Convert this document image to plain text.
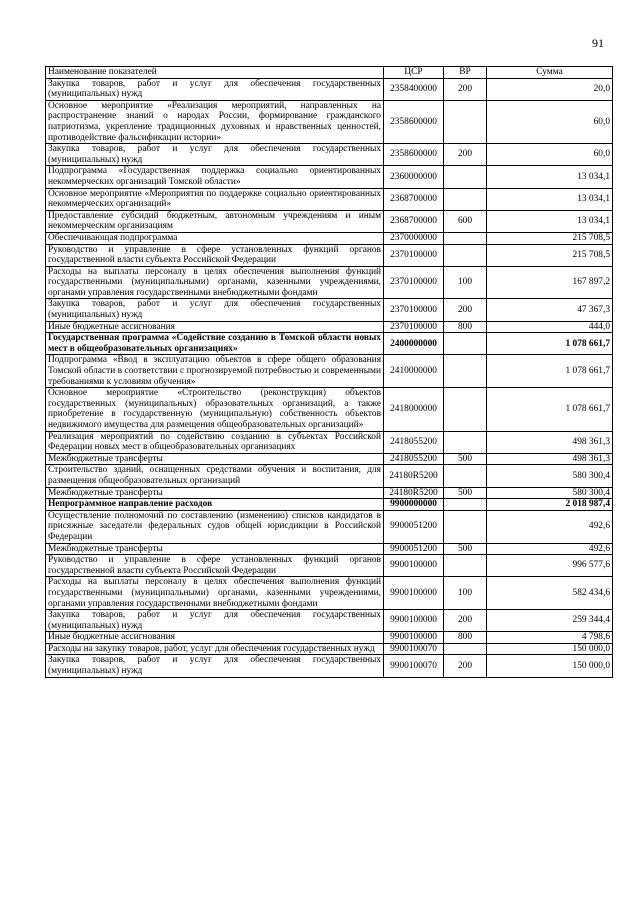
91
Наименование показателей	ЦСР	ВР	Сумма
Закупка товаров, работ и услуг для обеспечения государственных (муниципальных) нужд	2358400000	200	20,0
Основное мероприятие «Реализация мероприятий, направленных на распространение знаний о народах России, формирование гражданского патриотизма, укрепление традиционных духовных и нравственных ценностей, противодействие фальсификации истории»	2358600000		60,0
Закупка товаров, работ и услуг для обеспечения государственных (муниципальных) нужд	2358600000	200	60,0
Подпрограмма «Государственная поддержка социально ориентированных некоммерческих организаций Томской области»	2360000000		13 034,1
Основное мероприятие «Мероприятия по поддержке социально ориентированных некоммерческих организаций»	2368700000		13 034,1
Предоставление субсидий бюджетным, автономным учреждениям и иным некоммерческим организациям	2368700000	600	13 034,1
Обеспечивающая подпрограмма	2370000000		215 708,5
Руководство и управление в сфере установленных функций органов государственной власти субъекта Российской Федерации	2370100000		215 708,5
Расходы на выплаты персоналу в целях обеспечения выполнения функций государственными (муниципальными) органами, казенными учреждениями, органами управления государственными внебюджетными фондами	2370100000	100	167 897,2
Закупка товаров, работ и услуг для обеспечения государственных (муниципальных) нужд	2370100000	200	47 367,3
Иные бюджетные ассигнования	2370100000	800	444,0
Государственная программа «Содействие созданию в Томской области новых мест в общеобразовательных организациях»	2400000000		1 078 661,7
Подпрограмма «Ввод в эксплуатацию объектов в сфере общего образования Томской области в соответствии с прогнозируемой потребностью и современными требованиями к условиям обучения»	2410000000		1 078 661,7
Основное мероприятие «Строительство (реконструкция) объектов государственных (муниципальных) образовательных организаций, а также приобретение в государственную (муниципальную) собственность объектов недвижимого имущества для размещения общеобразовательных организаций»	2418000000		1 078 661,7
Реализация мероприятий по содействию созданию в субъектах Российской Федерации новых мест в общеобразовательных организациях	2418055200		498 361,3
Межбюджетные трансферты	2418055200	500	498 361,3
Строительство зданий, оснащенных средствами обучения и воспитания, для размещения общеобразовательных организаций	24180R5200		580 300,4
Межбюджетные трансферты	24180R5200	500	580 300,4
Непрограммное направление расходов	9900000000		2 018 987,4
Осуществление полномочий по составлению (изменению) списков кандидатов в присяжные заседатели федеральных судов общей юрисдикции в Российской Федерации	9900051200		492,6
Межбюджетные трансферты	9900051200	500	492,6
Руководство и управление в сфере установленных функций органов государственной власти субъекта Российской Федерации	9900100000		996 577,6
Расходы на выплаты персоналу в целях обеспечения выполнения функций государственными (муниципальными) органами, казенными учреждениями, органами управления государственными внебюджетными фондами	9900100000	100	582 434,6
Закупка товаров, работ и услуг для обеспечения государственных (муниципальных) нужд	9900100000	200	259 344,4
Иные бюджетные ассигнования	9900100000	800	4 798,6
Расходы на закупку товаров, работ, услуг для обеспечения государственных нужд	9900100070		150 000,0
Закупка товаров, работ и услуг для обеспечения государственных (муниципальных) нужд	9900100070	200	150 000,0
